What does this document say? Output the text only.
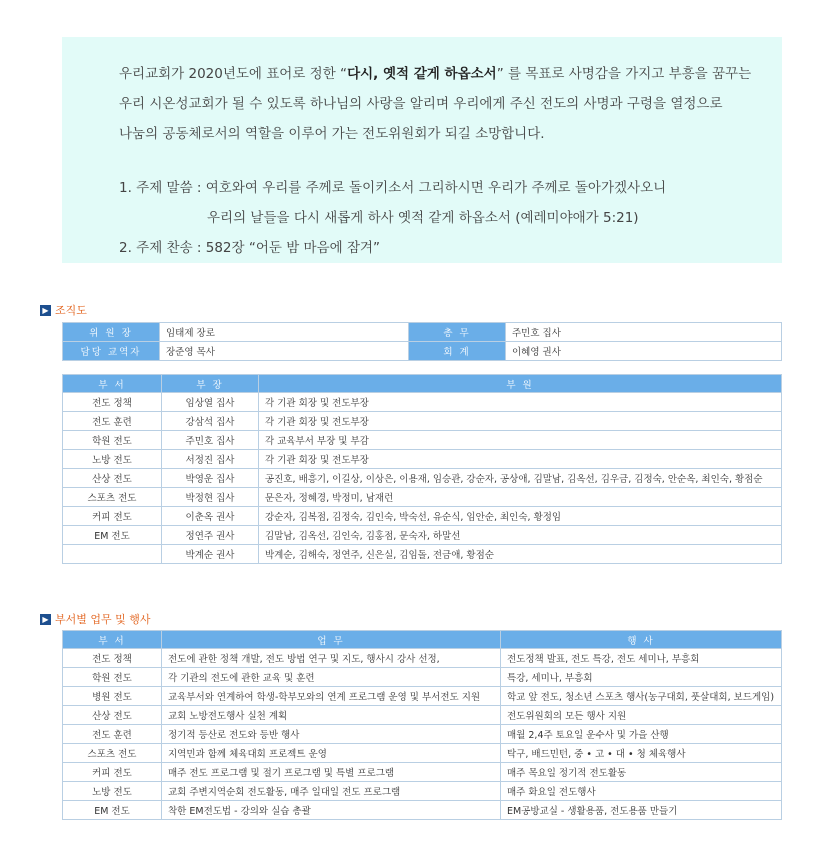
우리교회가 2020년도에 표어로 정한 “다시, 옛적 같게 하옵소서” 를 목표로 사명감을 가지고 부흥을 꿈꾸는
우리 시온성교회가 될 수 있도록 하나님의 사랑을 알리며 우리에게 주신 전도의 사명과 구령을 열정으로
나눔의 공동체로서의 역할을 이루어 가는 전도위원회가 되길 소망합니다.
1. 주제 말씀 : 여호와여 우리를 주께로 돌이키소서 그리하시면 우리가 주께로 돌아가겠사오니
우리의 날들을 다시 새롭게 하사 옛적 같게 하옵소서 (예레미야애가 5:21)
2. 주제 찬송 : 582장 “어둔 밤 마음에 잠겨”
▶ 조직도
위 원 장	임태제 장로	총 무	주민호 집사
담당 교역자	장준영 목사	회 계	이혜영 권사
부 서	부 장	부 원
전도 정책	임상열 집사	각 기관 회장 및 전도부장
전도 훈련	강삼석 집사	각 기관 회장 및 전도부장
학원 전도	주민호 집사	각 교육부서 부장 및 부감
노방 전도	서정진 집사	각 기관 회장 및 전도부장
산상 전도	박영운 집사	공진호, 배흥기, 이길상, 이상은, 이용재, 임승관, 강순자, 공상애, 김말남, 김옥선, 김우금, 김정숙, 안순옥, 최인숙, 황점순
스포츠 전도	박정현 집사	문은자, 정혜경, 박정미, 남재런
커피 전도	이춘옥 권사	강순자, 김복점, 김정숙, 김인숙, 박숙선, 유순식, 임안순, 최인숙, 황정임
EM 전도	정연주 권사	김말남, 김옥선, 김인숙, 김홍점, 문숙자, 하말선
	박계순 권사	박계순, 김해숙, 정연주, 신은실, 김임돌, 전금애, 황점순
▶ 부서별 업무 및 행사
부 서	업 무	행 사
전도 정책	전도에 관한 정책 개발, 전도 방법 연구 및 지도, 행사시 강사 선정,	전도정책 발표, 전도 특강, 전도 세미나, 부흥회
학원 전도	각 기관의 전도에 관한 교육 및 훈련	특강, 세미나, 부흥회
병원 전도	교육부서와 연계하여 학생-학부모와의 연계 프로그램 운영 및 부서전도 지원	학교 앞 전도, 청소년 스포츠 행사(농구대회, 풋살대회, 보드게임)
산상 전도	교회 노방전도행사 실천 계획	전도위원회의 모든 행사 지원
전도 훈련	정기적 등산로 전도와 등반 행사	매월 2,4주 토요일 운수사 및 가을 산행
스포츠 전도	지역민과 함께 체육대회 프로젝트 운영	탁구, 배드민턴, 중 • 고 • 대 • 청 체육행사
커피 전도	매주 전도 프로그램 및 절기 프로그램 및 특별 프로그램	매주 목요일 정기적 전도활동
노방 전도	교회 주변지역순회 전도활동, 매주 일대일 전도 프로그램	매주 화요일 전도행사
EM 전도	착한 EM전도법 - 강의와 실습 총괄	EM공방교실 - 생활용품, 전도용품 만들기
